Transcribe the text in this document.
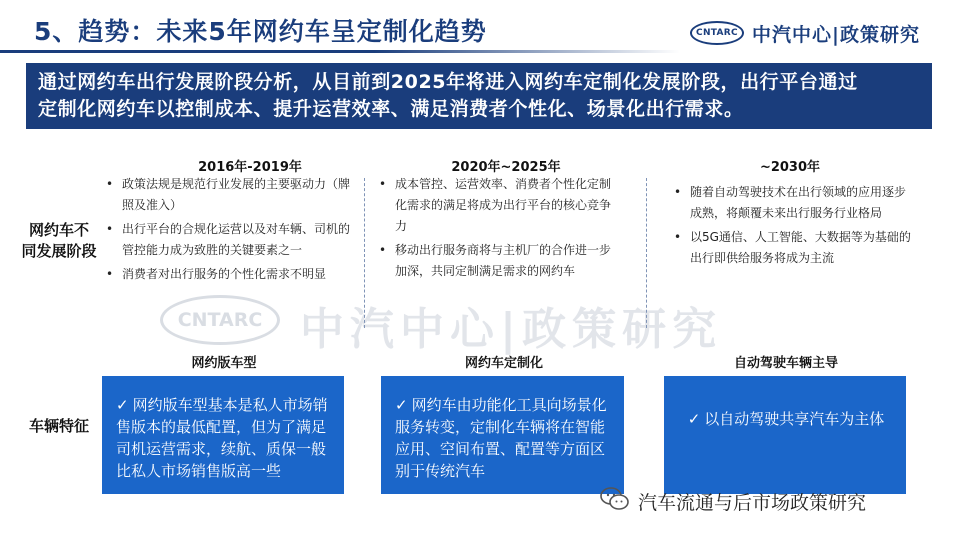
5、趋势：未来5年网约车呈定制化趋势	CNTARC 中汽中心|政策研究
通过网约车出行发展阶段分析，从目前到2025年将进入网约车定制化发展阶段，出行平台通过
定制化网约车以控制成本、提升运营效率、满足消费者个性化、场景化出行需求。
CNTARC 中汽中心|政策研究
网约车不
同发展阶段
2016年-2019年
• 政策法规是规范行业发展的主要驱动力（牌照及准入）
• 出行平台的合规化运营以及对车辆、司机的管控能力成为致胜的关键要素之一
• 消费者对出行服务的个性化需求不明显
2020年~2025年
• 成本管控、运营效率、消费者个性化定制化需求的满足将成为出行平台的核心竞争力
• 移动出行服务商将与主机厂的合作进一步加深，共同定制满足需求的网约车
~2030年
• 随着自动驾驶技术在出行领域的应用逐步成熟，将颠覆未来出行服务行业格局
• 以5G通信、人工智能、大数据等为基础的出行即供给服务将成为主流
网约版车型	网约车定制化	自动驾驶车辆主导
车辆特征
✓ 网约版车型基本是私人市场销售版本的最低配置，但为了满足司机运营需求，续航、质保一般比私人市场销售版高一些
✓ 网约车由功能化工具向场景化服务转变，定制化车辆将在智能应用、空间布置、配置等方面区别于传统汽车
✓ 以自动驾驶共享汽车为主体
汽车流通与后市场政策研究
